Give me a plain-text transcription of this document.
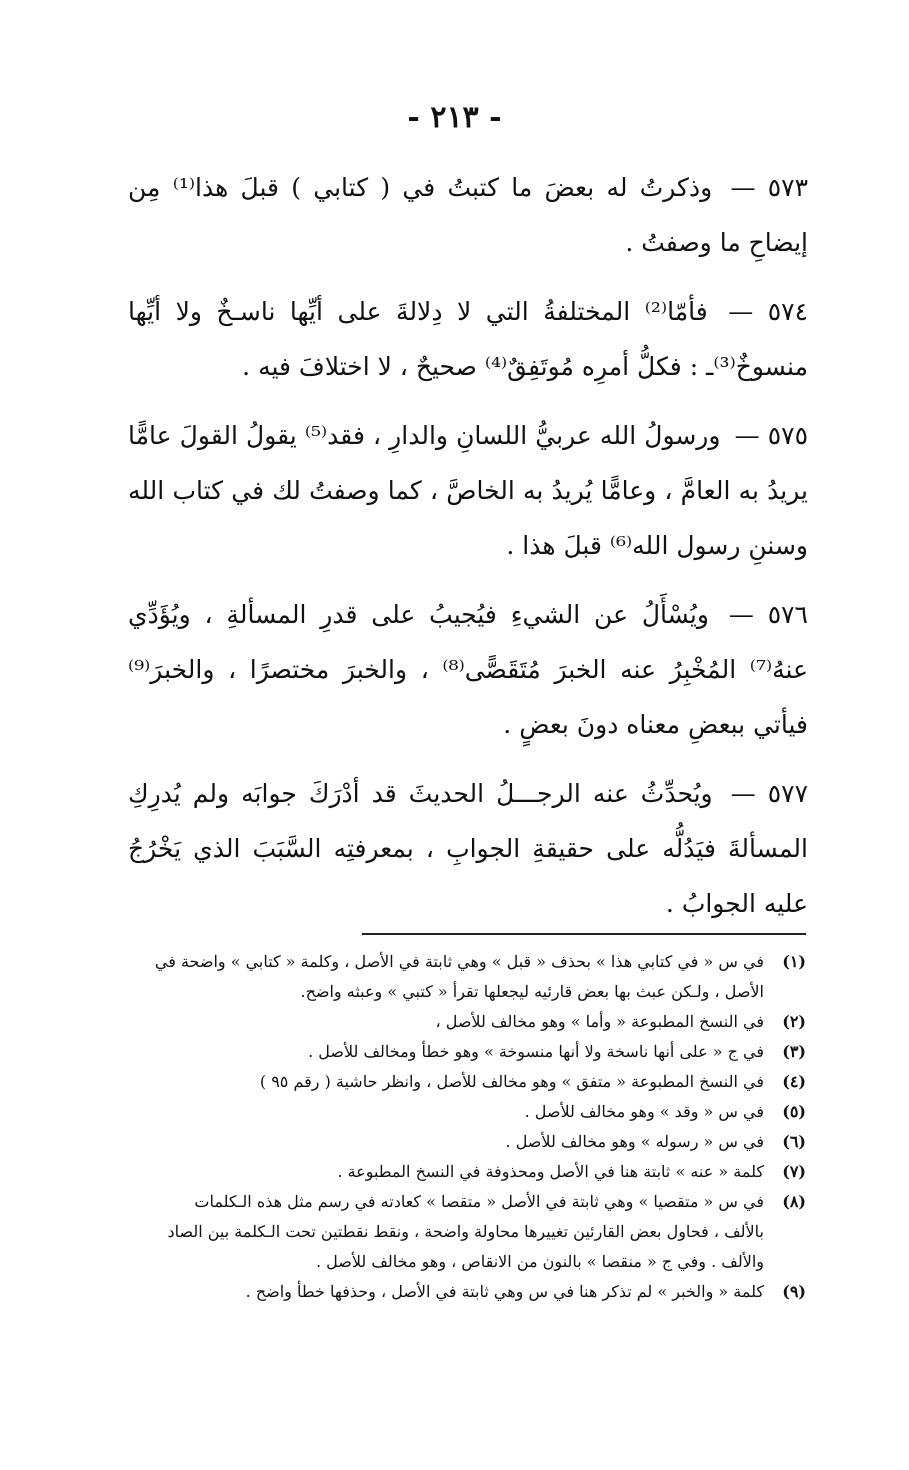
- ٢١٣ -

٥٧٣ — وذكرتُ له بعضَ ما كتبتُ في ( كتابي ) قبلَ هذا⁽¹⁾ مِن إيضاحِ ما وصفتُ .

٥٧٤ — فأمّا⁽²⁾ المختلفةُ التي لا دِلالةَ على أيِّها ناسـخٌ ولا أيِّها منسوخٌ⁽³⁾ـ : فكلُّ أمرِه مُوتَفِقٌ⁽⁴⁾ صحيحٌ ، لا اختلافَ فيه .

٥٧٥ — ورسولُ الله عربيُّ اللسانِ والدارِ ، فقد⁽⁵⁾ يقولُ القولَ عامًّا يريدُ به العامَّ ، وعامًّا يُريدُ به الخاصَّ ، كما وصفتُ لك في كتاب الله وسننِ رسول الله⁽⁶⁾ قبلَ هذا .

٥٧٦ — ويُسْأَلُ عن الشيءِ فيُجيبُ على قدرِ المسألةِ ، ويُؤَدِّي عنهُ⁽⁷⁾ المُخْبِرُ عنه الخبرَ مُتَقَصًّى⁽⁸⁾ ، والخبرَ مختصرًا ، والخبرَ⁽⁹⁾ فيأتي ببعضِ معناه دونَ بعضٍ .

٥٧٧ — ويُحدِّثُ عنه الرجـــلُ الحديثَ قد أدْرَكَ جوابَه ولم يُدرِكِ المسألةَ فيَدُلُّه على حقيقةِ الجوابِ ، بمعرفتِه السَّبَبَ الذي يَخْرُجُ عليه الجوابُ .

(١)
في س « في كتابي هذا » بحذف « قبل » وهي ثابتة في الأصل ، وكلمة « كتابي » واضحة في الأصل ، ولـكن عبث بها بعض قارئيه ليجعلها تقرأ « كتبي » وعبثه واضح.
(٢)
في النسخ المطبوعة « وأما » وهو مخالف للأصل ،
(٣)
في ج « على أنها ناسخة ولا أنها منسوخة » وهو خطأ ومخالف للأصل .
(٤)
في النسخ المطبوعة « متفق » وهو مخالف للأصل ، وانظر حاشية ( رقم ٩٥ )
(٥)
في س « وقد » وهو مخالف للأصل .
(٦)
في س « رسوله » وهو مخالف للأصل .
(٧)
كلمة « عنه » ثابتة هنا في الأصل ومحذوفة في النسخ المطبوعة .
(٨)
في س « متقصيا » وهي ثابتة في الأصل « متقصا » كعادته في رسم مثل هذه الـكلمات بالألف ، فحاول بعض القارئين تغييرها محاولة واضحة ، ونقط نقطتين تحت الـكلمة بين الصاد والألف . وفي ج « منقصا » بالنون من الانقاص ، وهو مخالف للأصل .
(٩)
كلمة « والخبر » لم تذكر هنا في س وهي ثابتة في الأصل ، وحذفها خطأ واضح .
